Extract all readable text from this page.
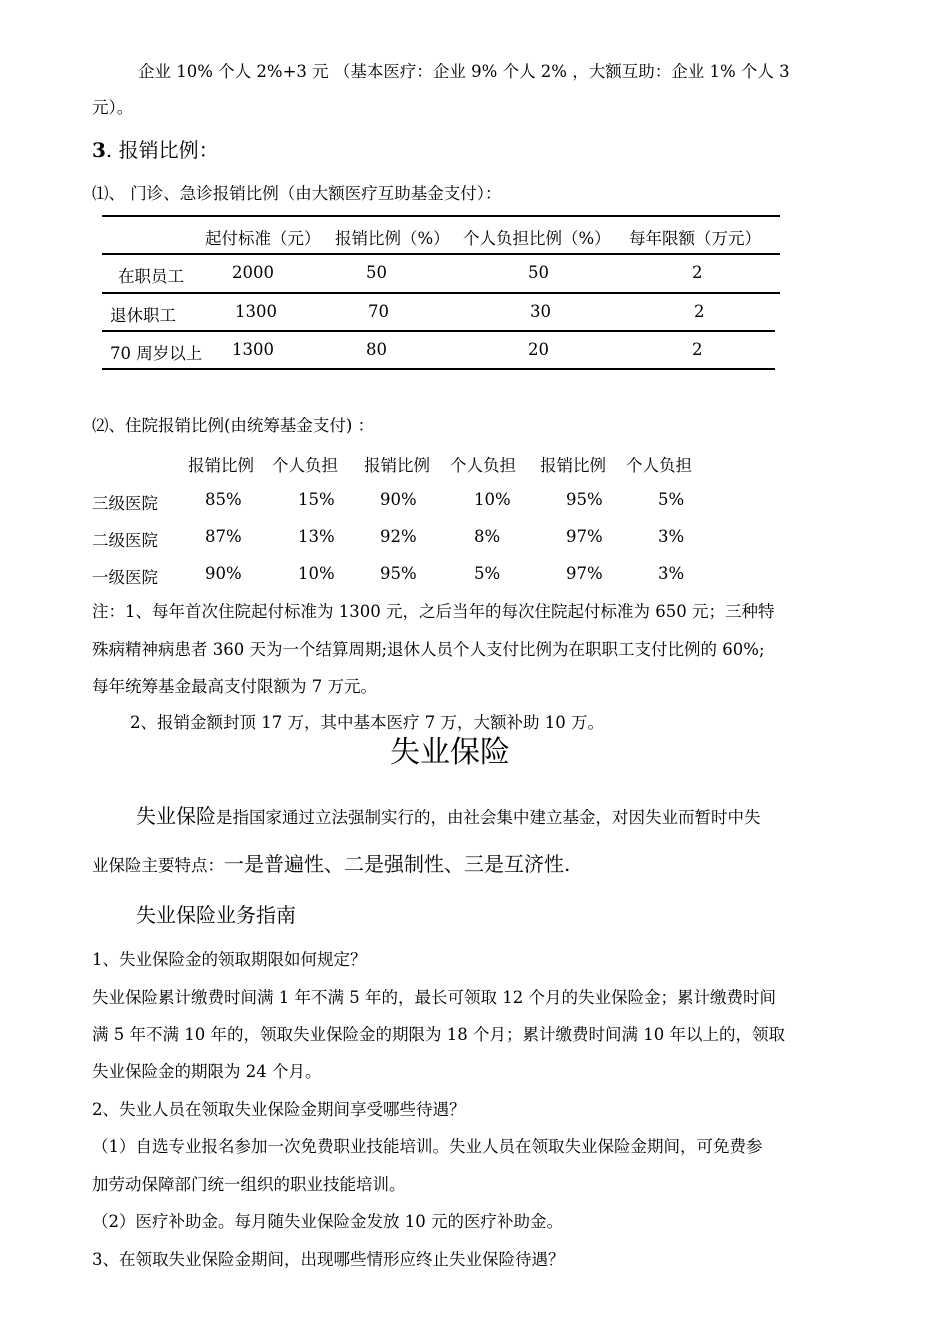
企业 10% 个人 2%+3 元 （基本医疗：企业 9% 个人 2% ，大额互助：企业 1% 个人 3
元）。
3. 报销比例：
⑴、 门诊、急诊报销比例（由大额医疗互助基金支付）：
起付标准（元） 报销比例（%） 个人负担比例（%） 每年限额（万元）
在职员工	2000	50	50	2
退休职工	1300	70	30	2
70 周岁以上 1300	80	20	2
⑵、住院报销比例(由统筹基金支付) ：
报销比例 个人负担 报销比例 个人负担 报销比例 个人负担
三级医院	85%	15%	90%	10%	95%	5%
二级医院	87%	13%	92%	8%	97%	3%
一级医院	90%	10%	95%	5%	97%	3%
注：1、每年首次住院起付标准为 1300 元，之后当年的每次住院起付标准为 650 元；三种特
殊病精神病患者 360 天为一个结算周期;退休人员个人支付比例为在职职工支付比例的 60%;
每年统筹基金最高支付限额为 7 万元。
2、报销金额封顶 17 万，其中基本医疗 7 万，大额补助 10 万。
失业保险
失业保险是指国家通过立法强制实行的，由社会集中建立基金，对因失业而暂时中失
业保险主要特点：一是普遍性、二是强制性、三是互济性.
失业保险业务指南
1、失业保险金的领取期限如何规定？
失业保险累计缴费时间满 1 年不满 5 年的，最长可领取 12 个月的失业保险金；累计缴费时间
满 5 年不满 10 年的，领取失业保险金的期限为 18 个月；累计缴费时间满 10 年以上的，领取
失业保险金的期限为 24 个月。
2、失业人员在领取失业保险金期间享受哪些待遇？
（1）自选专业报名参加一次免费职业技能培训。失业人员在领取失业保险金期间，可免费参
加劳动保障部门统一组织的职业技能培训。
（2）医疗补助金。每月随失业保险金发放 10 元的医疗补助金。
3、在领取失业保险金期间，出现哪些情形应终止失业保险待遇？
